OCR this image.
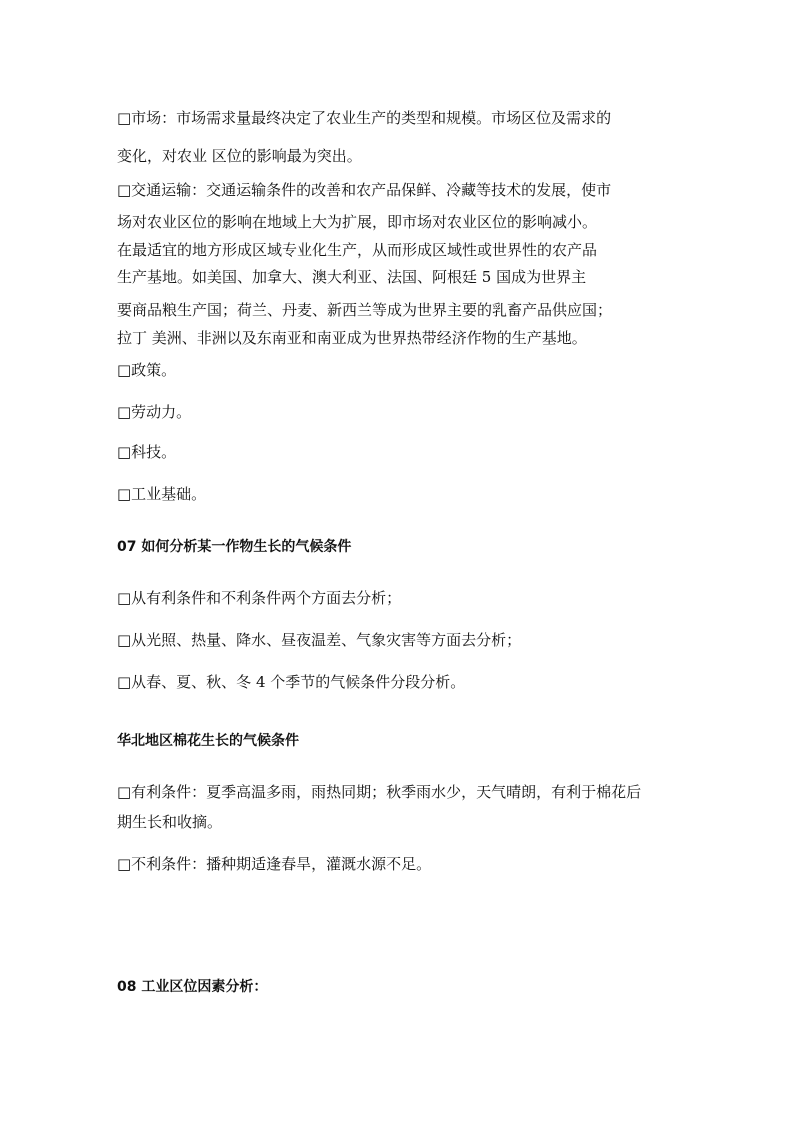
□市场：市场需求量最终决定了农业生产的类型和规模。市场区位及需求的
变化，对农业 区位的影响最为突出。
□交通运输：交通运输条件的改善和农产品保鲜、冷藏等技术的发展，使市
场对农业区位的影响在地域上大为扩展，即市场对农业区位的影响减小。
在最适宜的地方形成区域专业化生产，从而形成区域性或世界性的农产品
生产基地。如美国、加拿大、澳大利亚、法国、阿根廷 5 国成为世界主
要商品粮生产国；荷兰、丹麦、新西兰等成为世界主要的乳畜产品供应国；
拉丁 美洲、非洲以及东南亚和南亚成为世界热带经济作物的生产基地。
□政策。
□劳动力。
□科技。
□工业基础。
07 如何分析某一作物生长的气候条件
□从有利条件和不利条件两个方面去分析；
□从光照、热量、降水、昼夜温差、气象灾害等方面去分析；
□从春、夏、秋、冬 4 个季节的气候条件分段分析。
华北地区棉花生长的气候条件
□有利条件：夏季高温多雨，雨热同期；秋季雨水少，天气晴朗，有利于棉花后
期生长和收摘。
□不利条件：播种期适逢春旱，灌溉水源不足。
08 工业区位因素分析：
